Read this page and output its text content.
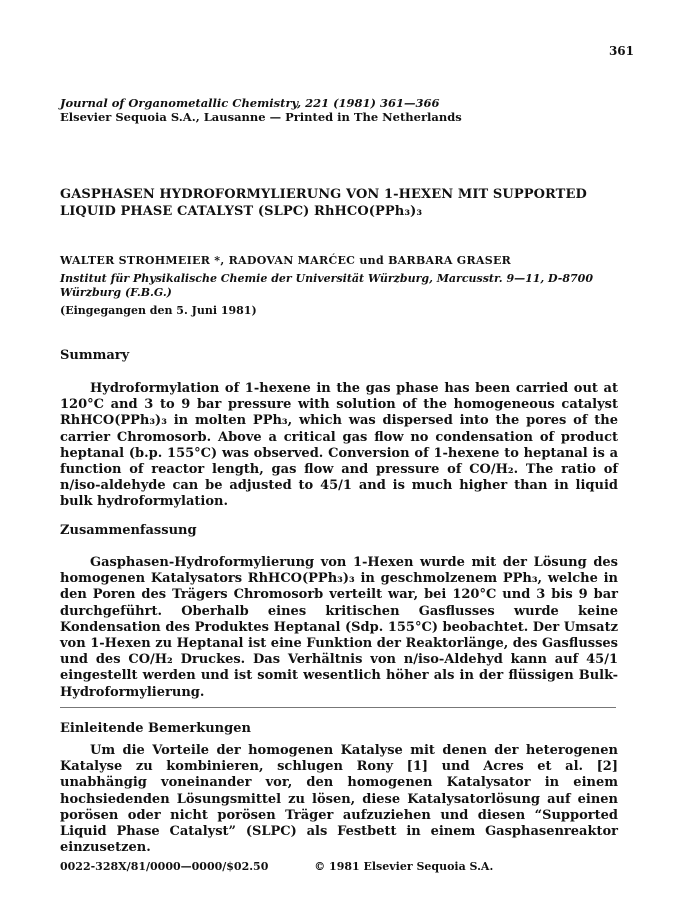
361
Journal of Organometallic Chemistry, 221 (1981) 361—366
Elsevier Sequoia S.A., Lausanne — Printed in The Netherlands
GASPHASEN HYDROFORMYLIERUNG VON 1-HEXEN MIT SUPPORTED LIQUID PHASE CATALYST (SLPC) RhHCO(PPh₃)₃
WALTER STROHMEIER *, RADOVAN MARĆEC und BARBARA GRASER
Institut für Physikalische Chemie der Universität Würzburg, Marcusstr. 9—11, D-8700 Würzburg (F.B.G.)
(Eingegangen den 5. Juni 1981)
Summary
Hydroformylation of 1-hexene in the gas phase has been carried out at 120°C and 3 to 9 bar pressure with solution of the homogeneous catalyst RhHCO(PPh₃)₃ in molten PPh₃, which was dispersed into the pores of the carrier Chromosorb. Above a critical gas flow no condensation of product heptanal (b.p. 155°C) was observed. Conversion of 1-hexene to heptanal is a function of reactor length, gas flow and pressure of CO/H₂. The ratio of n/iso-aldehyde can be adjusted to 45/1 and is much higher than in liquid bulk hydroformylation.
Zusammenfassung
Gasphasen-Hydroformylierung von 1-Hexen wurde mit der Lösung des homogenen Katalysators RhHCO(PPh₃)₃ in geschmolzenem PPh₃, welche in den Poren des Trägers Chromosorb verteilt war, bei 120°C und 3 bis 9 bar durchgeführt. Oberhalb eines kritischen Gasflusses wurde keine Kondensation des Produktes Heptanal (Sdp. 155°C) beobachtet. Der Umsatz von 1-Hexen zu Heptanal ist eine Funktion der Reaktorlänge, des Gasflusses und des CO/H₂ Druckes. Das Verhältnis von n/iso-Aldehyd kann auf 45/1 eingestellt werden und ist somit wesentlich höher als in der flüssigen Bulk-Hydroformylierung.
Einleitende Bemerkungen
Um die Vorteile der homogenen Katalyse mit denen der heterogenen Katalyse zu kombinieren, schlugen Rony [1] und Acres et al. [2] unabhängig voneinander vor, den homogenen Katalysator in einem hochsiedenden Lösungsmittel zu lösen, diese Katalysatorlösung auf einen porösen oder nicht porösen Träger aufzuziehen und diesen “Supported Liquid Phase Catalyst” (SLPC) als Festbett in einem Gasphasenreaktor einzusetzen.
0022-328X/81/0000—0000/$02.50	© 1981 Elsevier Sequoia S.A.
